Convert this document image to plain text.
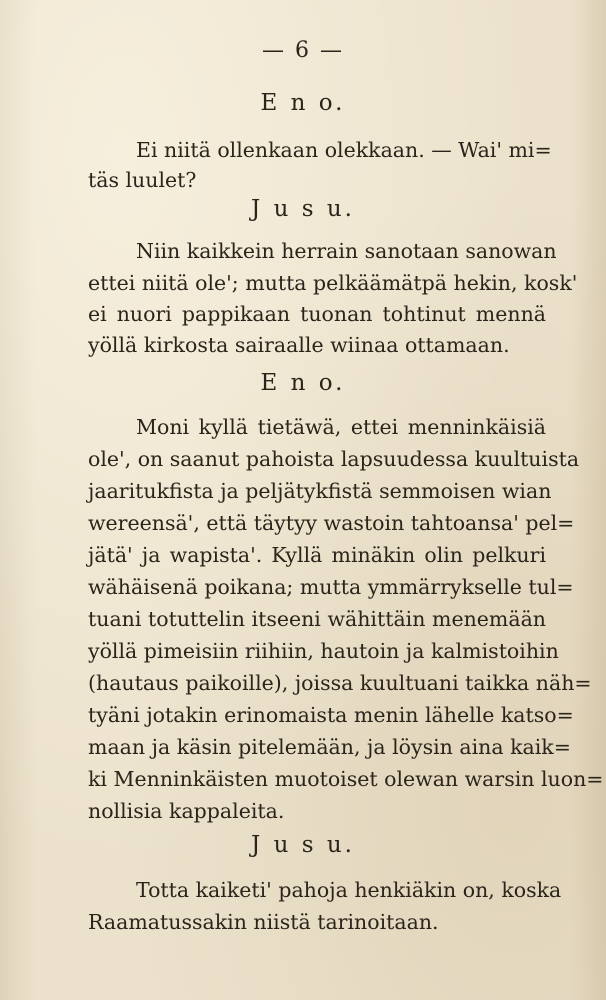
— 6 —
E n o.
Ei niitä ollenkaan olekkaan. — Wai' mi=
täs luulet?
J u s u.
Niin kaikkein herrain sanotaan sanowan
ettei niitä ole'; mutta pelkäämätpä hekin, kosk'
ei nuori pappikaan tuonan tohtinut mennä
yöllä kirkosta sairaalle wiinaa ottamaan.
E n o.
Moni kyllä tietäwä, ettei menninkäisiä
ole', on saanut pahoista lapsuudessa kuultuista
jaaritukfista ja peljätykfistä semmoisen wian
wereensä', että täytyy wastoin tahtoansa' pel=
jätä' ja wapista'. Kyllä minäkin olin pelkuri
wähäisenä poikana; mutta ymmärrykselle tul=
tuani totuttelin itseeni wähittäin menemään
yöllä pimeisiin riihiin, hautoin ja kalmistoihin
(hautaus paikoille), joissa kuultuani taikka näh=
tyäni jotakin erinomaista menin lähelle katso=
maan ja käsin pitelemään, ja löysin aina kaik=
ki Menninkäisten muotoiset olewan warsin luon=
nollisia kappaleita.
J u s u.
Totta kaiketi' pahoja henkiäkin on, koska
Raamatussakin niistä tarinoitaan.
